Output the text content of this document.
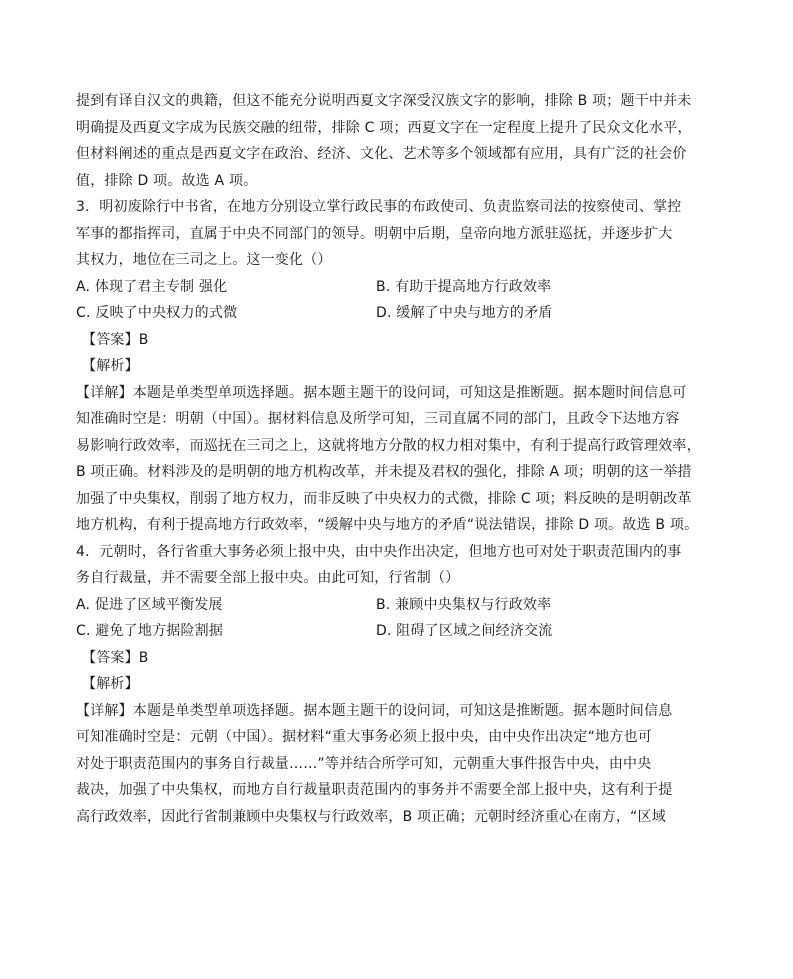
提到有译自汉文的典籍，但这不能充分说明西夏文字深受汉族文字的影响，排除 B 项；题干中并未

明确提及西夏文字成为民族交融的纽带，排除 C 项；西夏文字在一定程度上提升了民众文化水平，

但材料阐述的重点是西夏文字在政治、经济、文化、艺术等多个领域都有应用，具有广泛的社会价

值，排除 D 项。故选 A 项。

3．明初废除行中书省，在地方分别设立掌行政民事的布政使司、负责监察司法的按察使司、掌控

军事的都指挥司，直属于中央不同部门的领导。明朝中后期，皇帝向地方派驻巡抚，并逐步扩大

其权力，地位在三司之上。这一变化（）

A. 体现了君主专制 强化	B. 有助于提高地方行政效率

C. 反映了中央权力的式微	D. 缓解了中央与地方的矛盾

【答案】B

【解析】

【详解】本题是单类型单项选择题。据本题主题干的设问词，可知这是推断题。据本题时间信息可

知准确时空是：明朝（中国）。据材料信息及所学可知，三司直属不同的部门，且政令下达地方容

易影响行政效率，而巡抚在三司之上，这就将地方分散的权力相对集中，有利于提高行政管理效率，

B 项正确。材料涉及的是明朝的地方机构改革，并未提及君权的强化，排除 A 项；明朝的这一举措

加强了中央集权，削弱了地方权力，而非反映了中央权力的式微，排除 C 项；料反映的是明朝改革

地方机构，有利于提高地方行政效率，“缓解中央与地方的矛盾“说法错误，排除 D 项。故选 B 项。

4．元朝时，各行省重大事务必须上报中央，由中央作出决定，但地方也可对处于职责范围内的事

务自行裁量，并不需要全部上报中央。由此可知，行省制（）

A. 促进了区域平衡发展	B. 兼顾中央集权与行政效率

C. 避免了地方据险割据	D. 阻碍了区域之间经济交流

【答案】B

【解析】

【详解】本题是单类型单项选择题。据本题主题干的设问词，可知这是推断题。据本题时间信息

可知准确时空是：元朝（中国）。据材料“重大事务必须上报中央，由中央作出决定“地方也可

对处于职责范围内的事务自行裁量……”等并结合所学可知，元朝重大事件报告中央，由中央

裁决，加强了中央集权，而地方自行裁量职责范围内的事务并不需要全部上报中央，这有利于提

高行政效率，因此行省制兼顾中央集权与行政效率，B 项正确；元朝时经济重心在南方，“区域
